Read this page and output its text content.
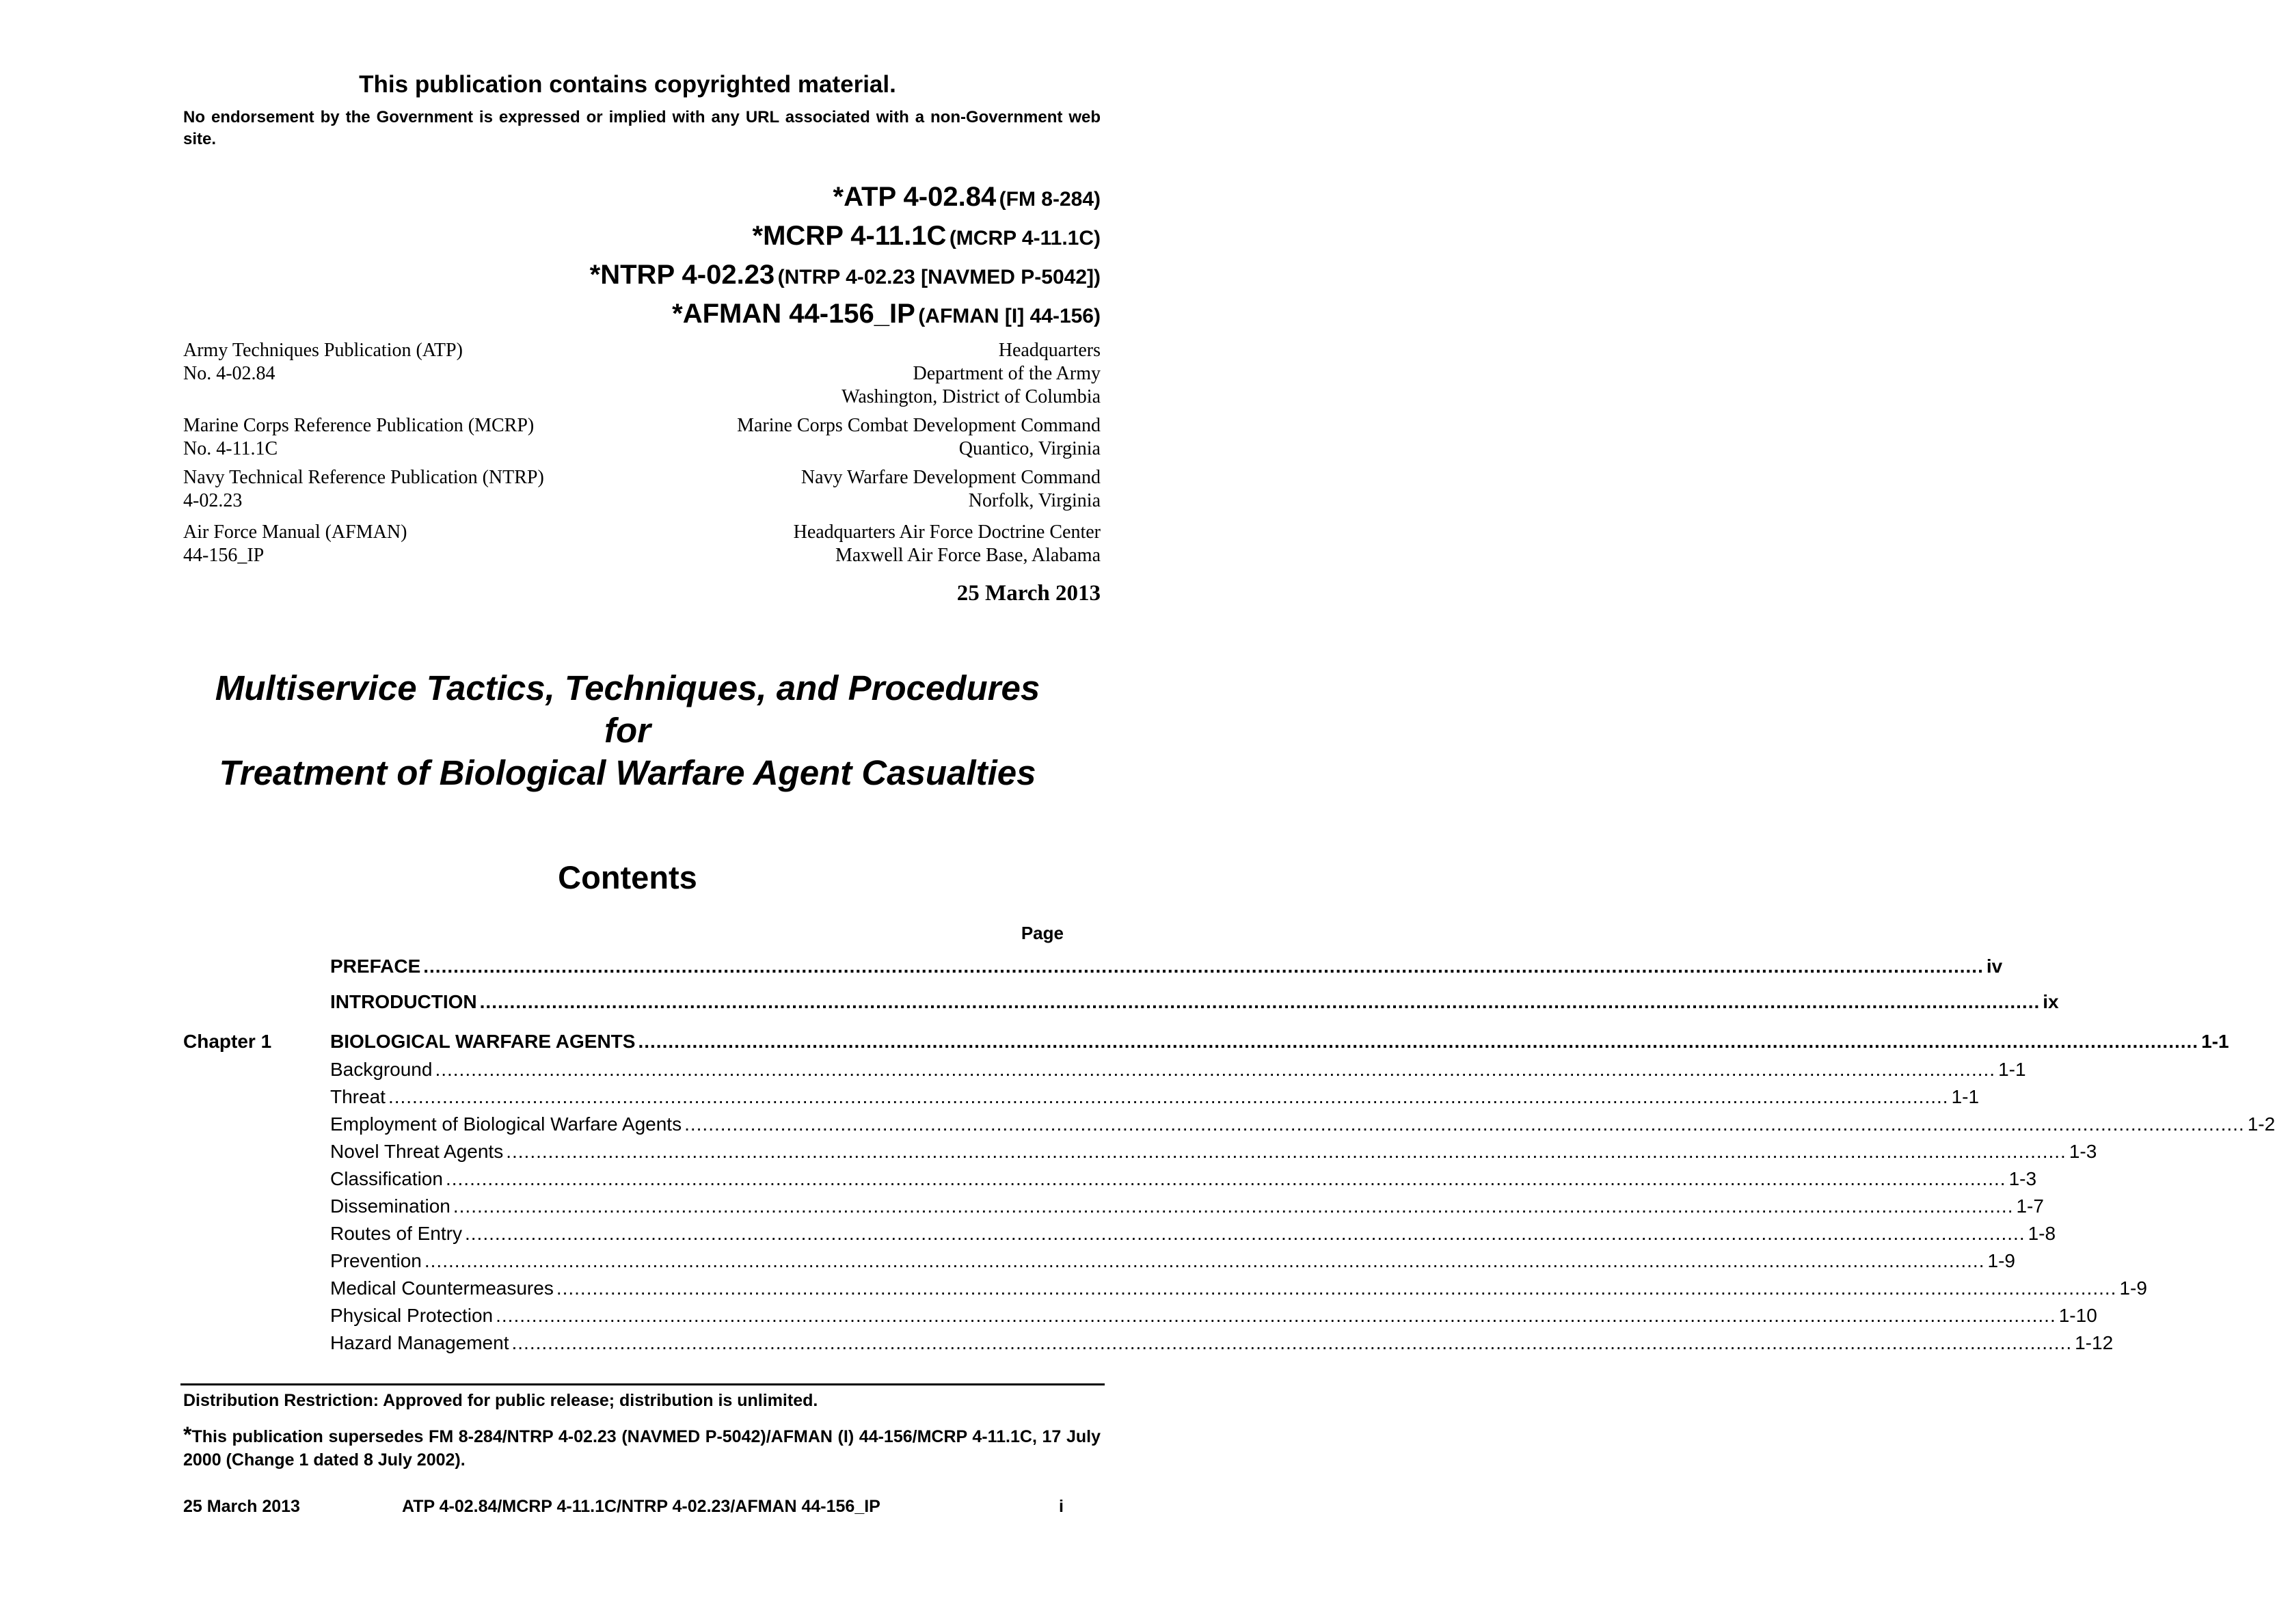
This publication contains copyrighted material.
No endorsement by the Government is expressed or implied with any URL associated with a non-Government web site.
*ATP 4-02.84 (FM 8-284)
*MCRP 4-11.1C (MCRP 4-11.1C)
*NTRP 4-02.23 (NTRP 4-02.23 [NAVMED P-5042])
*AFMAN 44-156_IP (AFMAN [I] 44-156)
Army Techniques Publication (ATP)
No. 4-02.84
Headquarters
Department of the Army
Washington, District of Columbia
Marine Corps Reference Publication (MCRP)
No. 4-11.1C
Marine Corps Combat Development Command
Quantico, Virginia
Navy Technical Reference Publication (NTRP)
4-02.23
Navy Warfare Development Command
Norfolk, Virginia
Air Force Manual (AFMAN)
44-156_IP
Headquarters Air Force Doctrine Center
Maxwell Air Force Base, Alabama
25 March 2013
Multiservice Tactics, Techniques, and Procedures
for
Treatment of Biological Warfare Agent Casualties
Contents
Page
Chapter 1
PREFACE .................................................................................................................................................................................................................................................................... iv
INTRODUCTION .................................................................................................................................................................................................................................................................... ix
BIOLOGICAL WARFARE AGENTS .................................................................................................................................................................................................................................................................... 1-1
Background .................................................................................................................................................................................................................................................................... 1-1
Threat .................................................................................................................................................................................................................................................................... 1-1
Employment of Biological Warfare Agents .................................................................................................................................................................................................................................................................... 1-2
Novel Threat Agents .................................................................................................................................................................................................................................................................... 1-3
Classification .................................................................................................................................................................................................................................................................... 1-3
Dissemination .................................................................................................................................................................................................................................................................... 1-7
Routes of Entry .................................................................................................................................................................................................................................................................... 1-8
Prevention .................................................................................................................................................................................................................................................................... 1-9
Medical Countermeasures .................................................................................................................................................................................................................................................................... 1-9
Physical Protection .................................................................................................................................................................................................................................................................... 1-10
Hazard Management .................................................................................................................................................................................................................................................................... 1-12
Distribution Restriction: Approved for public release; distribution is unlimited.
*This publication supersedes FM 8-284/NTRP 4-02.23 (NAVMED P-5042)/AFMAN (I) 44-156/MCRP 4-11.1C, 17 July 2000 (Change 1 dated 8 July 2002).
25 March 2013	ATP 4-02.84/MCRP 4-11.1C/NTRP 4-02.23/AFMAN 44-156_IP	i
